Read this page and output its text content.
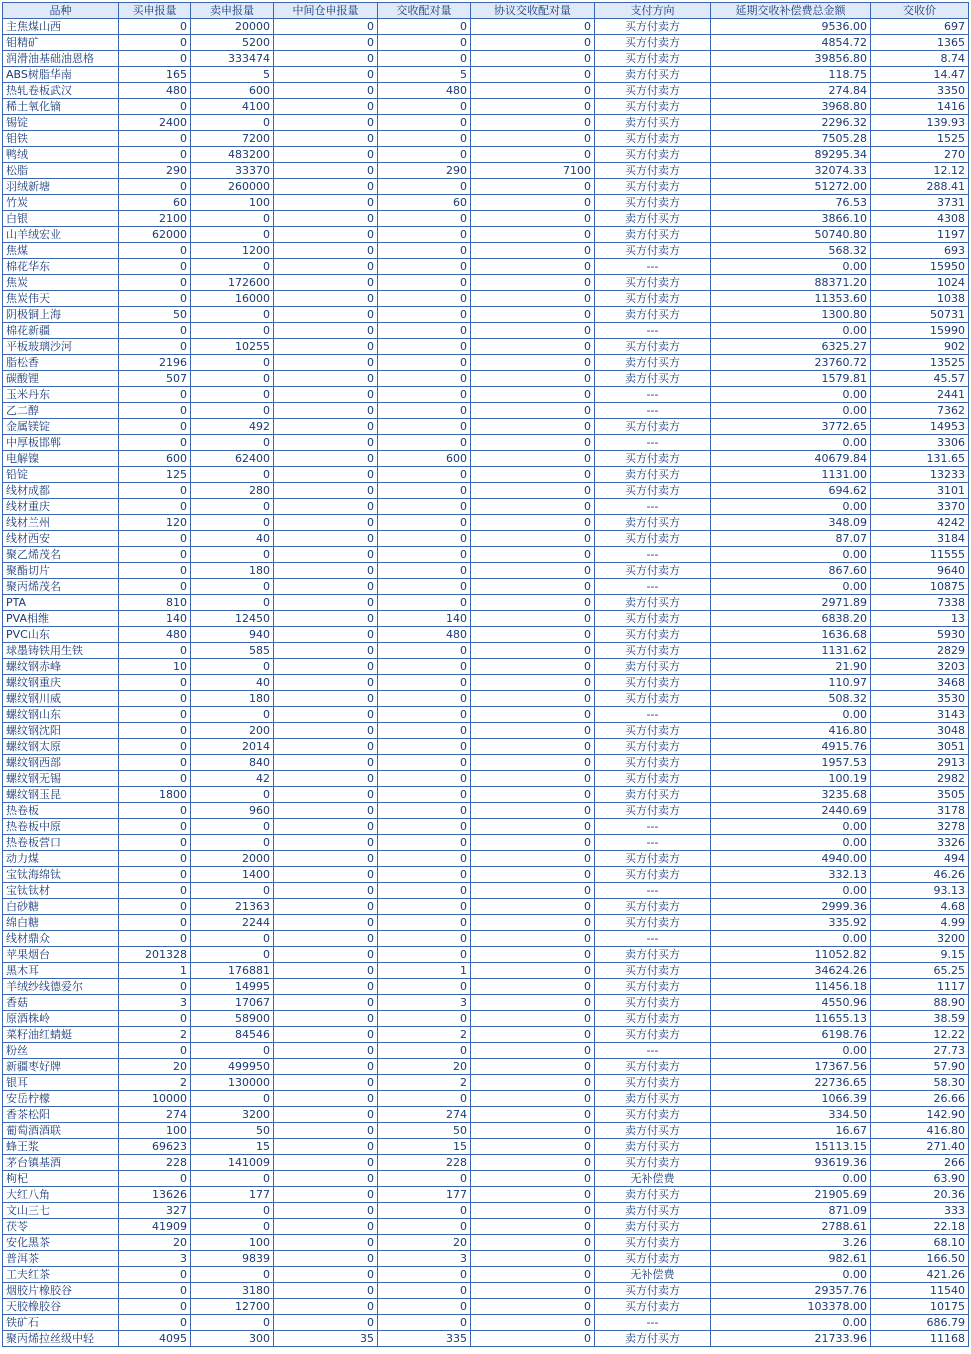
品种	买申报量	卖申报量	中间仓申报量	交收配对量	协议交收配对量	支付方向	延期交收补偿费总金额	交收价
主焦煤山西	0	20000	0	0	0	买方付卖方	9536.00	697
钼精矿	0	5200	0	0	0	买方付卖方	4854.72	1365
润滑油基础油恩格	0	333474	0	0	0	买方付卖方	39856.80	8.74
ABS树脂华南	165	5	0	5	0	卖方付买方	118.75	14.47
热轧卷板武汉	480	600	0	480	0	买方付卖方	274.84	3350
稀土氧化镝	0	4100	0	0	0	买方付卖方	3968.80	1416
锡锭	2400	0	0	0	0	卖方付买方	2296.32	139.93
钼铁	0	7200	0	0	0	买方付卖方	7505.28	1525
鸭绒	0	483200	0	0	0	买方付卖方	89295.34	270
松脂	290	33370	0	290	7100	买方付卖方	32074.33	12.12
羽绒新塘	0	260000	0	0	0	买方付卖方	51272.00	288.41
竹炭	60	100	0	60	0	买方付卖方	76.53	3731
白银	2100	0	0	0	0	卖方付买方	3866.10	4308
山羊绒宏业	62000	0	0	0	0	卖方付买方	50740.80	1197
焦煤	0	1200	0	0	0	买方付卖方	568.32	693
棉花华东	0	0	0	0	0	---	0.00	15950
焦炭	0	172600	0	0	0	买方付卖方	88371.20	1024
焦炭伟天	0	16000	0	0	0	买方付卖方	11353.60	1038
阴极铜上海	50	0	0	0	0	卖方付买方	1300.80	50731
棉花新疆	0	0	0	0	0	---	0.00	15990
平板玻璃沙河	0	10255	0	0	0	买方付卖方	6325.27	902
脂松香	2196	0	0	0	0	卖方付买方	23760.72	13525
碳酸锂	507	0	0	0	0	卖方付买方	1579.81	45.57
玉米丹东	0	0	0	0	0	---	0.00	2441
乙二醇	0	0	0	0	0	---	0.00	7362
金属镁锭	0	492	0	0	0	买方付卖方	3772.65	14953
中厚板邯郸	0	0	0	0	0	---	0.00	3306
电解镍	600	62400	0	600	0	买方付卖方	40679.84	131.65
铅锭	125	0	0	0	0	卖方付买方	1131.00	13233
线材成都	0	280	0	0	0	买方付卖方	694.62	3101
线材重庆	0	0	0	0	0	---	0.00	3370
线材兰州	120	0	0	0	0	卖方付买方	348.09	4242
线材西安	0	40	0	0	0	买方付卖方	87.07	3184
聚乙烯茂名	0	0	0	0	0	---	0.00	11555
聚酯切片	0	180	0	0	0	买方付卖方	867.60	9640
聚丙烯茂名	0	0	0	0	0	---	0.00	10875
PTA	810	0	0	0	0	卖方付买方	2971.89	7338
PVA相维	140	12450	0	140	0	买方付卖方	6838.20	13
PVC山东	480	940	0	480	0	买方付卖方	1636.68	5930
球墨铸铁用生铁	0	585	0	0	0	买方付卖方	1131.62	2829
螺纹钢赤峰	10	0	0	0	0	卖方付买方	21.90	3203
螺纹钢重庆	0	40	0	0	0	买方付卖方	110.97	3468
螺纹钢川威	0	180	0	0	0	买方付卖方	508.32	3530
螺纹钢山东	0	0	0	0	0	---	0.00	3143
螺纹钢沈阳	0	200	0	0	0	买方付卖方	416.80	3048
螺纹钢太原	0	2014	0	0	0	买方付卖方	4915.76	3051
螺纹钢西部	0	840	0	0	0	买方付卖方	1957.53	2913
螺纹钢无锡	0	42	0	0	0	买方付卖方	100.19	2982
螺纹钢玉昆	1800	0	0	0	0	卖方付买方	3235.68	3505
热卷板	0	960	0	0	0	买方付卖方	2440.69	3178
热卷板中原	0	0	0	0	0	---	0.00	3278
热卷板营口	0	0	0	0	0	---	0.00	3326
动力煤	0	2000	0	0	0	买方付卖方	4940.00	494
宝钛海绵钛	0	1400	0	0	0	买方付卖方	332.13	46.26
宝钛钛材	0	0	0	0	0	---	0.00	93.13
白砂糖	0	21363	0	0	0	买方付卖方	2999.36	4.68
绵白糖	0	2244	0	0	0	买方付卖方	335.92	4.99
线材鼎众	0	0	0	0	0	---	0.00	3200
苹果烟台	201328	0	0	0	0	卖方付买方	11052.82	9.15
黑木耳	1	176881	0	1	0	买方付卖方	34624.26	65.25
羊绒纱线德爱尔	0	14995	0	0	0	买方付卖方	11456.18	1117
香菇	3	17067	0	3	0	买方付卖方	4550.96	88.90
原酒株岭	0	58900	0	0	0	买方付卖方	11655.13	38.59
菜籽油红蜻蜓	2	84546	0	2	0	买方付卖方	6198.76	12.22
粉丝	0	0	0	0	0	---	0.00	27.73
新疆枣好牌	20	499950	0	20	0	买方付卖方	17367.56	57.90
银耳	2	130000	0	2	0	买方付卖方	22736.65	58.30
安岳柠檬	10000	0	0	0	0	卖方付买方	1066.39	26.66
香茶松阳	274	3200	0	274	0	买方付卖方	334.50	142.90
葡萄酒酒联	100	50	0	50	0	卖方付买方	16.67	416.80
蜂王浆	69623	15	0	15	0	卖方付买方	15113.15	271.40
茅台镇基酒	228	141009	0	228	0	买方付卖方	93619.36	266
枸杞	0	0	0	0	0	无补偿费	0.00	63.90
大红八角	13626	177	0	177	0	卖方付买方	21905.69	20.36
文山三七	327	0	0	0	0	卖方付买方	871.09	333
茯苓	41909	0	0	0	0	卖方付买方	2788.61	22.18
安化黑茶	20	100	0	20	0	买方付卖方	3.26	68.10
普洱茶	3	9839	0	3	0	买方付卖方	982.61	166.50
工夫红茶	0	0	0	0	0	无补偿费	0.00	421.26
烟胶片橡胶谷	0	3180	0	0	0	买方付卖方	29357.76	11540
天胶橡胶谷	0	12700	0	0	0	买方付卖方	103378.00	10175
铁矿石	0	0	0	0	0	---	0.00	686.79
聚丙烯拉丝级中轻	4095	300	35	335	0	卖方付买方	21733.96	11168
